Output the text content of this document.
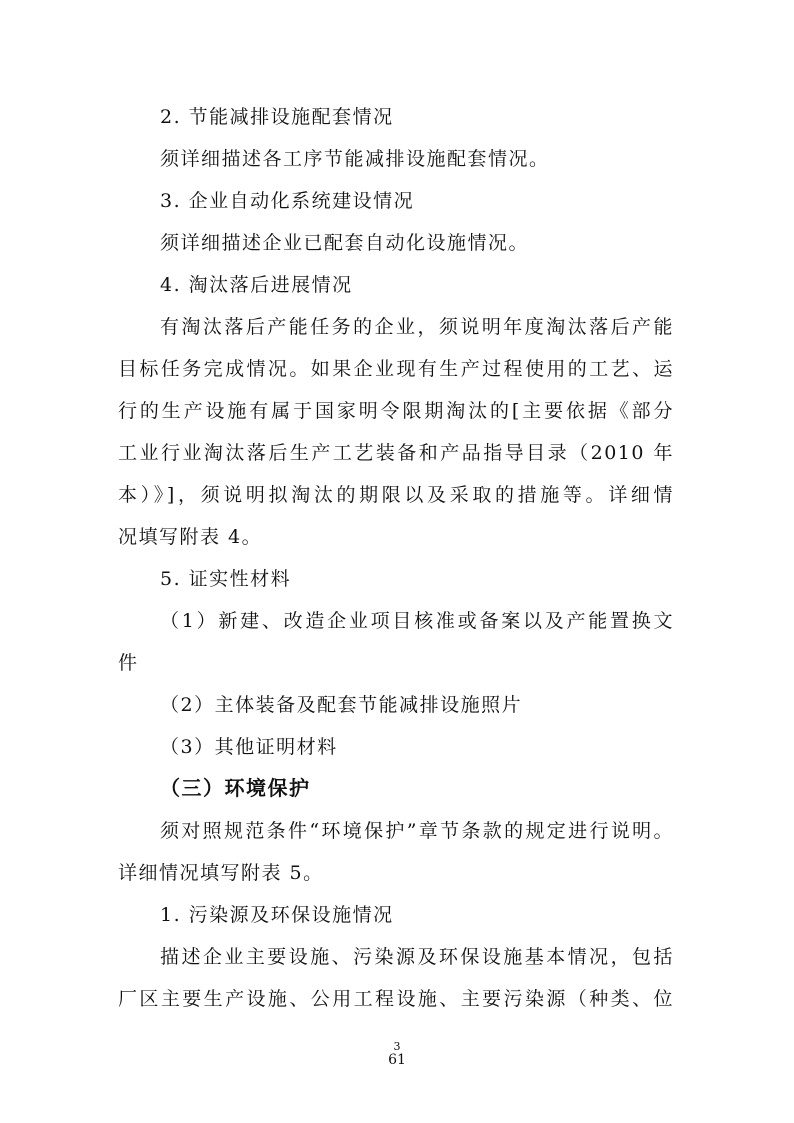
2. 节能减排设施配套情况
须详细描述各工序节能减排设施配套情况。
3. 企业自动化系统建设情况
须详细描述企业已配套自动化设施情况。
4. 淘汰落后进展情况
有淘汰落后产能任务的企业，须说明年度淘汰落后产能
目标任务完成情况。如果企业现有生产过程使用的工艺、运
行的生产设施有属于国家明令限期淘汰的[主要依据《部分
工业行业淘汰落后生产工艺装备和产品指导目录（2010 年
本）》]，须说明拟淘汰的期限以及采取的措施等。详细情
况填写附表 4。
5. 证实性材料
（1）新建、改造企业项目核准或备案以及产能置换文
件
（2）主体装备及配套节能减排设施照片
（3）其他证明材料
（三）环境保护
须对照规范条件“环境保护”章节条款的规定进行说明。
详细情况填写附表 5。
1. 污染源及环保设施情况
描述企业主要设施、污染源及环保设施基本情况，包括
厂区主要生产设施、公用工程设施、主要污染源（种类、位
3
61
